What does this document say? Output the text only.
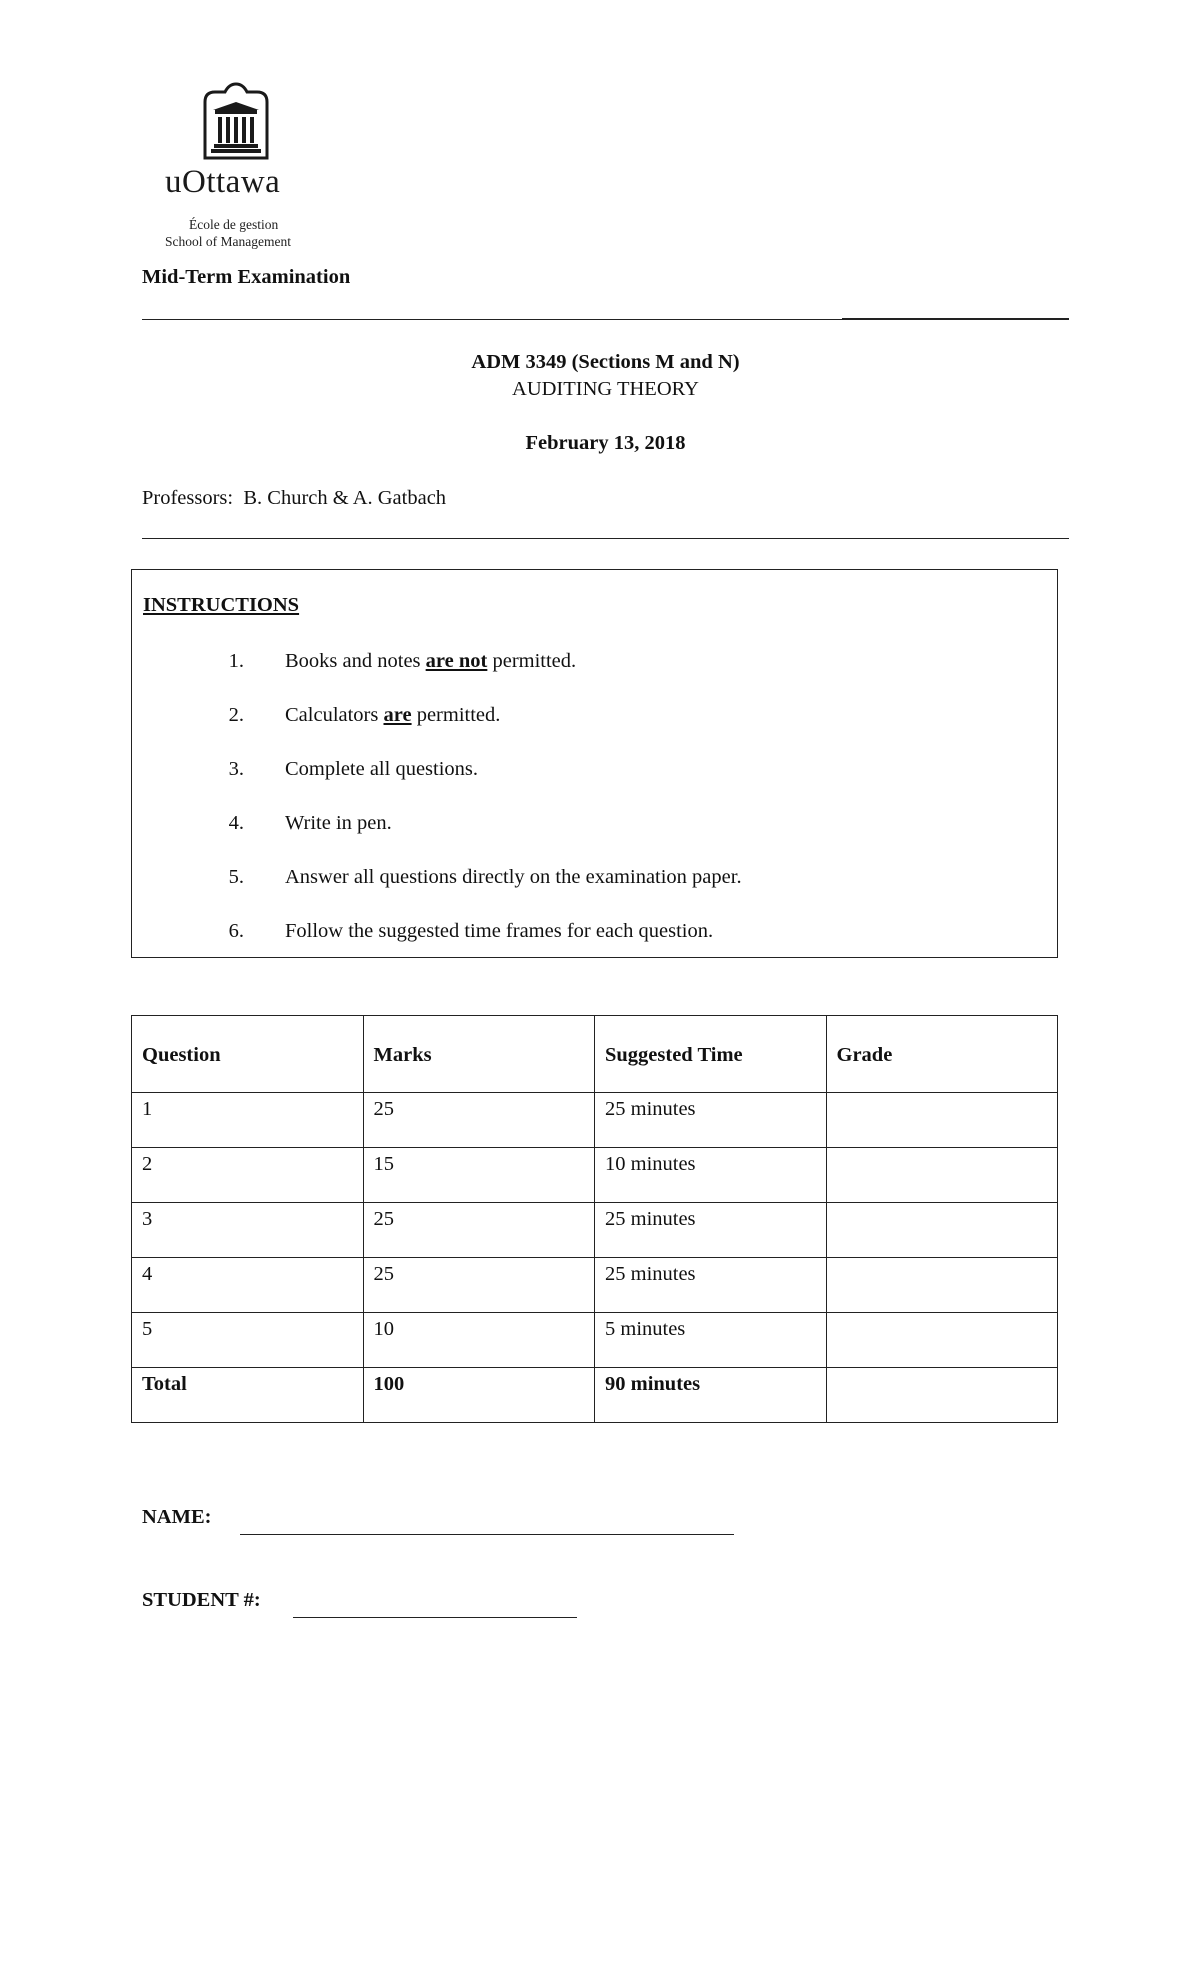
uOttawa
École de gestion
School of Management
Mid-Term Examination
ADM 3349 (Sections M and N)
AUDITING THEORY
February 13, 2018
Professors:  B. Church & A. Gatbach
INSTRUCTIONS
1. Books and notes are not permitted.
2. Calculators are permitted.
3. Complete all questions.
4. Write in pen.
5. Answer all questions directly on the examination paper.
6. Follow the suggested time frames for each question.
Question	Marks	Suggested Time	Grade
1	25	25 minutes	
2	15	10 minutes	
3	25	25 minutes	
4	25	25 minutes	
5	10	5 minutes	
Total	100	90 minutes	
NAME:
STUDENT #:
